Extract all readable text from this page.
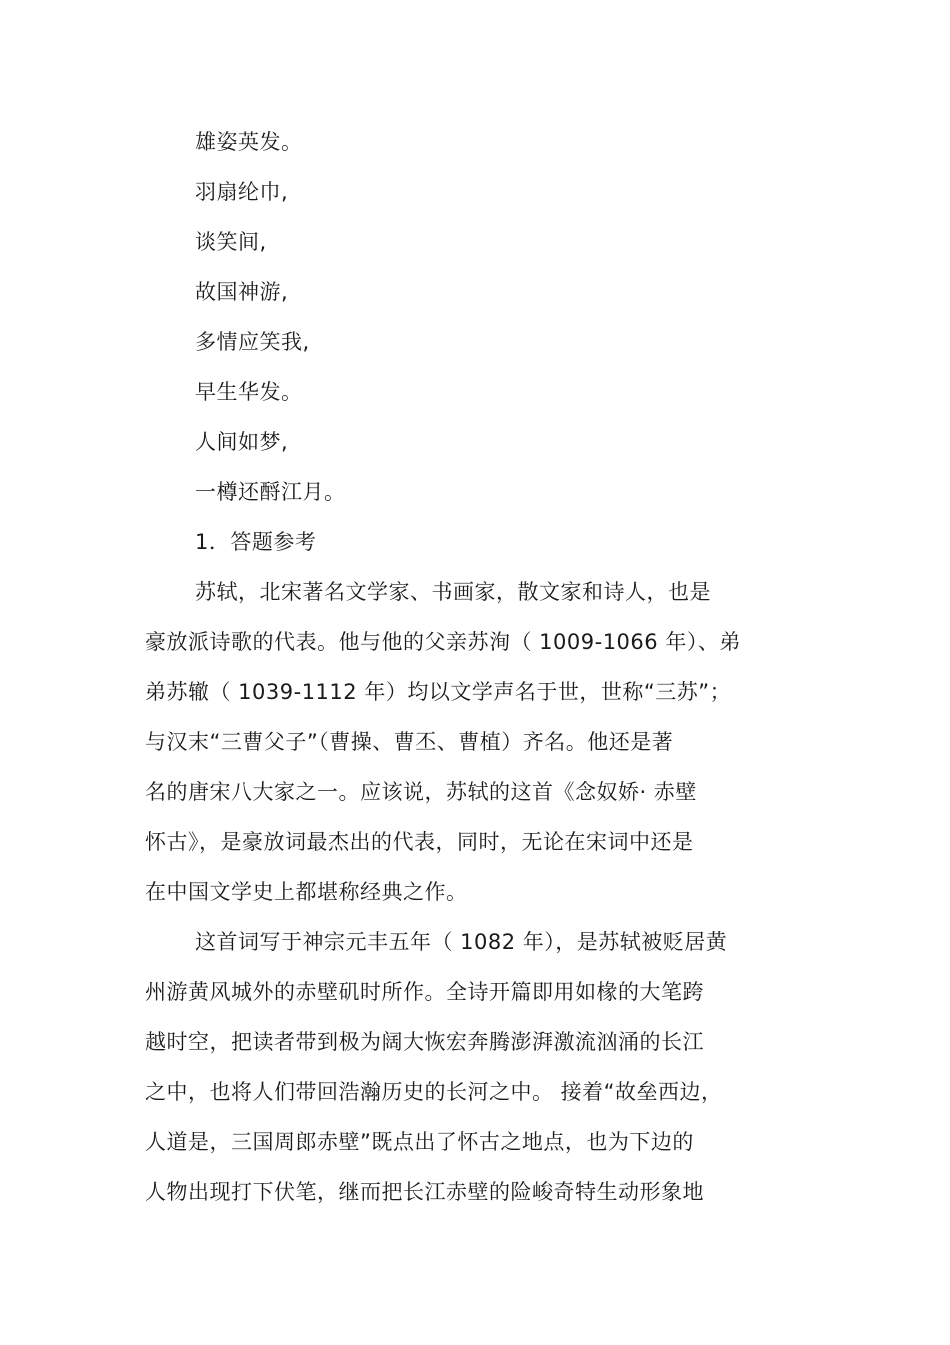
雄姿英发。
羽扇纶巾,
谈笑间,
故国神游,
多情应笑我,
早生华发。
人间如梦,
一樽还酹江月。
1．答题参考
苏轼，北宋著名文学家、书画家，散文家和诗人，也是
豪放派诗歌的代表。他与他的父亲苏洵（ 1009-1066 年）、弟
弟苏辙（ 1039-1112 年）均以文学声名于世，世称“三苏”；
与汉末“三曹父子”（曹操、曹丕、曹植）齐名。他还是著
名的唐宋八大家之一。应该说，苏轼的这首《念奴娇· 赤壁
怀古》，是豪放词最杰出的代表，同时，无论在宋词中还是
在中国文学史上都堪称经典之作。
这首词写于神宗元丰五年（ 1082 年），是苏轼被贬居黄
州游黄风城外的赤壁矶时所作。全诗开篇即用如椽的大笔跨
越时空，把读者带到极为阔大恢宏奔腾澎湃激流汹涌的长江
之中，也将人们带回浩瀚历史的长河之中。 接着“故垒西边，
人道是，三国周郎赤壁”既点出了怀古之地点，也为下边的
人物出现打下伏笔，继而把长江赤壁的险峻奇特生动形象地
